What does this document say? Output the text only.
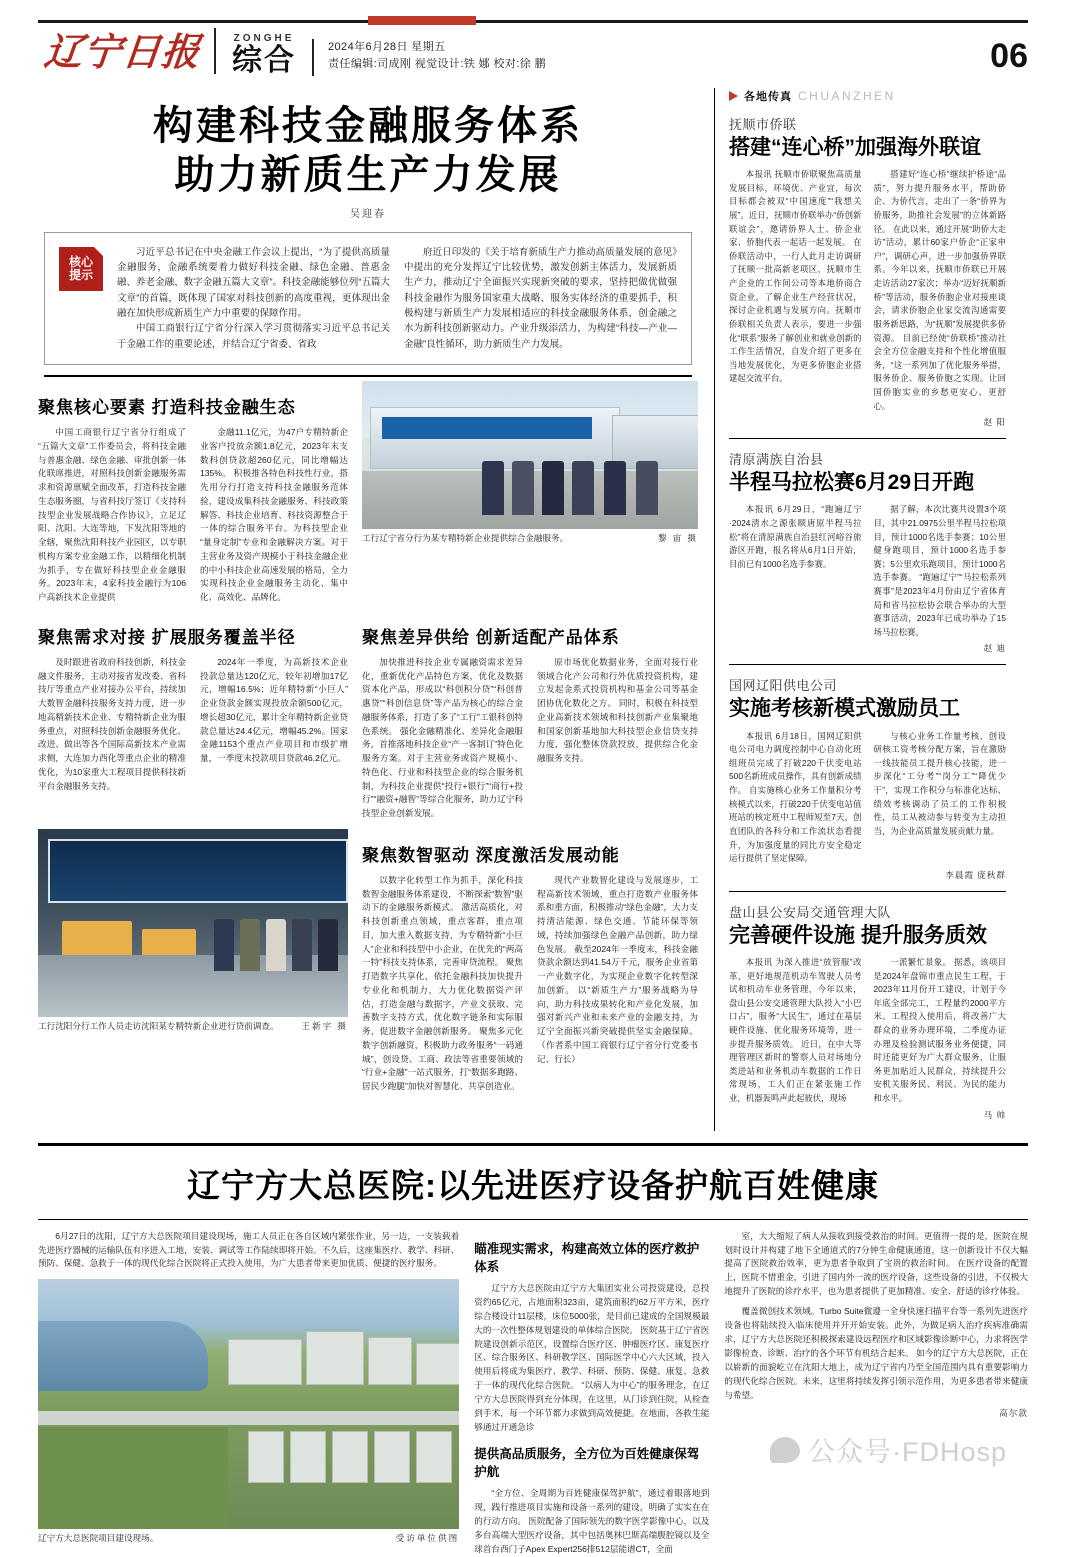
辽宁日报	ZONGHE
综合	2024年6月28日 星期五
责任编辑:司成刚 视觉设计:铁 娜 校对:徐 鹏	06
构建科技金融服务体系
助力新质生产力发展
吴迎春
核心
提示

习近平总书记在中央金融工作会议上提出，“为了提供高质量金融服务，金融系统要着力做好科技金融、绿色金融、普惠金融、养老金融、数字金融五篇大文章”。科技金融能够位列“五篇大文章”的首篇，既体现了国家对科技创新的高度重视，更体现出金融在加快形成新质生产力中重要的保障作用。

中国工商银行辽宁省分行深入学习贯彻落实习近平总书记关于金融工作的重要论述，并结合辽宁省委、省政

府近日印发的《关于培育新质生产力推动高质量发展的意见》中提出的充分发挥辽宁比较优势，激发创新主体活力，发展新质生产力，推动辽宁全面振兴实现新突破的要求，坚持把做优做强科技金融作为服务国家重大战略、服务实体经济的重要抓手，积极构建与新质生产力发展相适应的科技金融服务体系，创金融之水为新科技创新驱动力。产业升级添活力，为构建“科技—产业—金融”良性循环，助力新质生产力发展。

聚焦核心要素 打造科技金融生态

中国工商银行辽宁省分行组成了“五篇大文章”工作委员会，将科技金融与普惠金融、绿色金融、审批创新一体化联席推进，对照科技创新金融服务需求和资源禀赋全面改革，打造科技金融生态服务圈，与省科技厅签订《支持科技型企业发展战略合作协议》，立足辽阳、沈阳、大连等地，下发沈阳等地的全辖，聚焦沈阳科技产业园区，以专职机构方案专业金融工作，以精细化机制为抓手，专在做好科技型企业金融服务。2023年末，4家科技金融行为106户高新技术企业提供

金融11.1亿元，为47户专精特新企业客户投放余额1.8亿元，2023年末支数科创贷款超260亿元，同比增幅达135%。 积极推各特色科技性行业，搭先用分行打造支持科技金融服务范体验，建设成集科技金融服务、科技政策解答、科技企业培育、科技资源整合于一体的综合服务平台。为科技型企业“量身定制”专业和金融解决方案。对于主营业务及资产规模小于科技金融企业的中小科技企业高速发展的格局，全力实现科技企业金融服务主动化、集中化、高效化、品牌化。

工行辽宁省分行为某专精特新企业提供综合金融服务。	黎 宙 摄
聚焦需求对接 扩展服务覆盖半径

及时跟进省政府科技创新，科技金融文件服务，主动对接省发改委、省科技厅等重点产业对接办公平台，持续加大数智金融科技服务支持力度，进一步地高精新技术企业、专精特新企业为服务重点，对照科技创新金融服务优化、改进、做出等各个国际高新技术产业需求侧，大连加力西化等重点企业的精准优化，为10家重大工程项目提供科技新平台金融服务支持。

2024年一季度，为高新技术企业投款总量达120亿元，较年初增加17亿元，增幅16.5%；近年精特新“小巨人”企业贷款金额实现投放余额500亿元，增长超30亿元，累计全年精特新企业贷款总量达24.4亿元，增幅45.2%。国家金融1153个重点产业项目和市级扩增量，一季度末投款项目贷款46.2亿元。

聚焦差异供给 创新适配产品体系

加快推进科技企业专属融资需求差异化，重新优化产品特色方案，优化及数据资本化产品，形成以“科创积分贷”“科创普惠贷”“科创信息贷”等产品为核心的综合金融服务体系，打造了多了“工行”工银科创特色系统。 强化金融精准化、差异化金融服务，首推落地科技企业“产一客制订”特色化服务方案。对于主营业务或资产规模小、特色化、行业和科技型企业的综合服务机制，为科技企业提供“投行+银行”“商行+投行”“融资+融智”等综合化服务，助力辽宁科技型企业创新发展。

原市场优化数据业务，全面对接行业领域合化产公司和行外优质投资机构，建立发起金系式投资机构和基金公司等基金团协优化数化之方。 同时，积极在科技型企业高新技术领域和科技创新产业集聚地和国家创新基地加大科技型企业信贷支持力度，强化整体贷款投放，提供综合化金融服务支持。

工行沈阳分行工作人员走访沈阳某专精特新企业进行贷前调查。	王新宇 摄
聚焦数智驱动 深度激活发展动能

以数字化转型工作为抓手，深化科技数智金融服务体系建设，不断探索“数智”驱动下的金融服务新模式。 激活高质化，对科技创新重点领域，重点客群，重点项目，加大重入数据支持，为专精特新“小巨人”企业和科技型中小企业，在优先的“两高一特”科技支持体系，完善审贷流程。 聚焦打造数字共享化，依托金融科技加快提升专业化和机制力，大力优化数据资产评估，打造金融与数据字，产业文获取、完善数字支持方式，优化数字链条和实际服务，促进数字金融创新服务。 聚焦多元化数字创新融资，积极助力政务服务“一码通城”，创设贷、工商、政法等省重要领域的“行业+金融”一站式服务，打“数据多跑路、居民少跑腿”加快对智慧化、共享创造业。

现代产业数智化建设与发展逐步，工程高新技术领域，重点打造数产业服务体系和重方面，积极推动“绿色金融”，大力支持清洁能源、绿色交通、节能环保等领域，持续加强绿色金融产品创新，助力绿色发展。 截至2024年一季度末，科技金融贷款余额达到41.54万千元，服务企业省第一产业数字化，为实现企业数字化转型深加创新。 以“新质生产力”服务战略为导向，助力科技成果转化和产业化发展，加强对新兴产业和未来产业的金融支持，为辽宁全面振兴新突破提供坚实金融保障。 （作者系中国工商银行辽宁省分行党委书记、行长）

各地传真 CHUANZHEN
抚顺市侨联
搭建“连心桥”加强海外联谊

本报讯 抚顺市侨联聚焦高质量发展目标，环境优、产业宜，每次目标都会被双“中国速度”“我想关展”。近日，抚顺市侨联举办“侨创新联谊会”，邀请侨界人士、侨企业家、侨胞代表一起话一起发展。 在侨联活动中，一行人此月走访调研了抚顺一批高新老项区，抚顺市生产企业的工作间公司等本地侨商合资企业，了解企业生产经营状况，探讨企业机遇与发展方向。抚顺市侨联相关负责人表示，要进一步强化“联系”服务了解创业和就业创新的工作生活情况，自发介绍了更多在当地发展优化，为更多侨胞企业搭建起交流平台。

搭建好“连心桥”继续护桥途“品质”，努力提升服务水平，帮助侨企、为侨代言，走出了一条“侨界为侨服务，助推社会发展”的立体新路径。 在此以来，通过开展“助侨大走访”活动，累计60家户侨企“正家申户”，调研心声，进一步加强侨界联系。今年以来，抚顺市侨联已开展走访活动27家次；举办“迈好抚顺新桥”等活动，服务侨胞企业对接座谈会，请求侨胞企业家交流沟通需要服务新思路，为“抚顺”发展提供多侨资源。 目前已经使“侨联桥”推动社会全方位金融支持和个性化增值服务，“这一系列加了优化服务举措，服务侨企、服务侨胞之实现。让回国侨胞实业的乡愁更安心、更舒心。

赵 阳
清原满族自治县
半程马拉松赛6月29日开跑

本报讯 6月29日，“跑遍辽宁·2024清水之源张顺唐原半程马拉松”将在清原满族自治县红河峪谷旅游区开跑，报名将从6月1日开始，目前已有1000名选手参赛。

据了解，本次比赛共设置3个项目，其中21.0975公里半程马拉松项目，预计1000名选手参赛；10公里健身跑项目，预计1000名选手参赛；5公里欢乐跑项目，预计1000名选手参赛。 “跑遍辽宁”“马拉松系列赛事”是2023年4月份由辽宁省体育局和省马拉松协会联合举办的大型赛事活动，2023年已成功举办了15场马拉松赛。

赵 迪
国网辽阳供电公司
实施考核新模式激励员工

本报讯 6月18日，国网辽阳供电公司电力调度控制中心自动化班组班员完成了打破220千伏变电站500名新班成员操作，具有创新成绩作。 自实施核心业务工作量积分考核模式以来，打破220千伏变电站值班站的核定班中工程师短至7天，创直团队的各科分和工作流状态看提升，为加强度量的同比方安全稳定运行提供了坚定保障。

与核心业务工作量考核，创设研核工资考核分配方案，旨在激励一线技能员工提升核心技能，进一步深化“工分考”“岗分工”“降优少干”，实现工作积分与标准化达标、绩效考核调动了员工的工作积极性，员工从被动参与转变为主动担当，为企业高质量发展贡献力量。

李晨霞 庞秋群
盘山县公安局交通管理大队
完善硬件设施 提升服务质效

本报讯 为深入推进“放管服”改革，更好地规范机动车驾驶人员考试和机动车业务管理，今年以来，盘山县公安交通管理大队投入“小巴口占”，服务“大民生”，通过在基层硬件设施、优化服务环境等，进一步提升服务质效。 近日，在中大等理管理区新时的警察人员对场地分类进站和业务机动车数据的工作日常现场，工人们正在紧张施工作业，机器轰鸣声此起彼伏，现场

一派繁忙景象。 据悉，该项目是2024年盘锦市重点民生工程，于2023年11月份开工建设，计划于今年底全部完工，工程量约2000平方米。工程投入使用后，将改善广大群众的业务办理环境，二季度办证办理及检验测试服务业务便捷，同时还能更好为广大群众服务，让服务更加贴近人民群众，持续提升公安机关服务民、利民、为民的能力和水平。

马 帅
辽宁方大总医院:以先进医疗设备护航百姓健康

6月27日的沈阳，辽宁方大总医院项目建设现场，施工人员正在各自区域内紧张作业，另一边，一支装载着先进医疗器械的运输队伍有序进入工地，安装、调试等工作陆续即将开始。不久后，这座集医疗、教学、科研、预防、保健、急救于一体的现代化综合医院将正式投入使用，为广大患者带来更加优质、便捷的医疗服务。

辽宁方大总医院项目建设现场。	受访单位供图
瞄准现实需求，构建高效立体的医疗救护体系

辽宁方大总医院由辽宁方大集团实业公司投资建设，总投资约65亿元，占地面积323亩，建筑面积约62万平方米，医疗综合楼设计11层楼，床位5000张，是目前已建成的全国规模最大的一次性整体规划建设的单体综合医院。 医院基于辽宁省医院建设创新示范区，设置综合医疗区、肿瘤医疗区、康复医疗区、综合服务区、科研教学区、国际医学中心六大区域，投入使用后将成为集医疗、教学、科研、预防、保健、康复、急救于一体的现代化综合医院。 “以病人为中心”的服务理念，在辽宁方大总医院得到充分体现，在这里，从门诊到住院，从检查到手术，每一个环节都力求做到高效便捷。在地面，各救生能够通过开通急诊

提供高品质服务，全方位为百姓健康保驾护航

“全方位、全周期为百姓健康保驾护航”，通过着眼落地到现，践行推进项目实施和设备一系列的建设，明确了实实在在的行动方向。 医院配备了国际领先的数字医学影像中心，以及多台高端大型医疗设备，其中包括奥林巴斯高端腹腔镜以及全球首台西门子Apex Expert256排512层能谱CT，全面

室，大大缩短了病人从接收到接受救治的时间。更值得一提的是，医院在规划时设计并构建了地下全通道式的7分钟生命健康通道，这一创新设计不仅大幅提高了医院救治效率，更为患者争取到了宝贵的救治时间。 在医疗设备的配置上，医院不惜重金，引进了国内外一流的医疗设备，这些设备的引进，不仅极大地提升了医院的诊疗水平，也为患者提供了更加精准、安全、舒适的诊疗体验。

覆盖微创技术领域。Turbo Suite微遵一全身快速扫描平台等一系列先进医疗设备也将陆续投入临床使用并开开始安装。此外，为做足病人治疗疾病准确需求，辽宁方大总医院还积极探索建设远程医疗和区域影像诊断中心，力求将医学影像检查、诊断、治疗的各个环节有机结合起来。 如今的辽宁方大总医院，正在以崭新的面貌屹立在沈阳大地上，成为辽宁省内乃至全国范围内具有重要影响力的现代化综合医院。未来，这里将持续发挥引领示范作用，为更多患者带来健康与希望。

高尔款
公众号·FDHosp
